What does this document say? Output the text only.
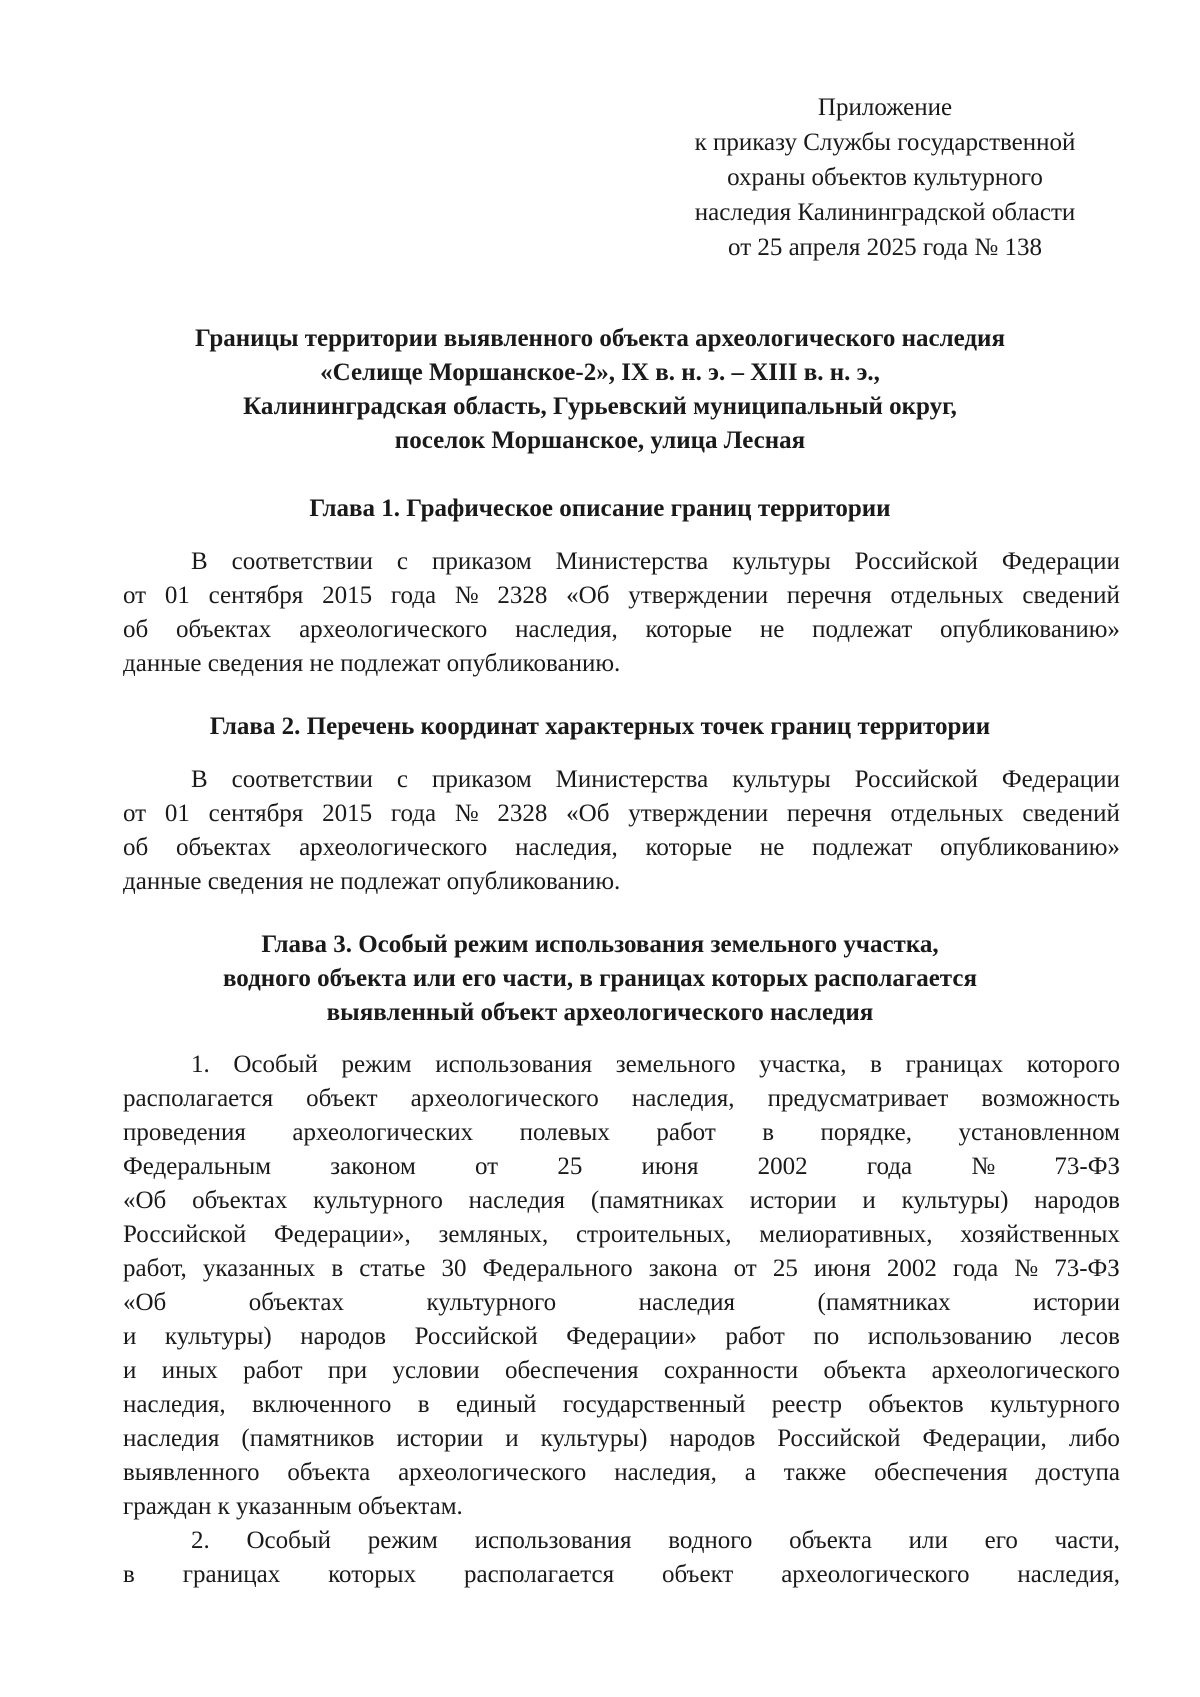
Приложение
к приказу Службы государственной
охраны объектов культурного
наследия Калининградской области
от 25 апреля 2025 года № 138
Границы территории выявленного объекта археологического наследия
«Селище Моршанское-2», IX в. н. э. – XIII в. н. э.,
Калининградская область, Гурьевский муниципальный округ,
поселок Моршанское, улица Лесная
Глава 1. Графическое описание границ территории
В соответствии с приказом Министерства культуры Российской Федерации
от 01 сентября 2015 года № 2328 «Об утверждении перечня отдельных сведений
об объектах археологического наследия, которые не подлежат опубликованию»
данные сведения не подлежат опубликованию.
Глава 2. Перечень координат характерных точек границ территории
В соответствии с приказом Министерства культуры Российской Федерации
от 01 сентября 2015 года № 2328 «Об утверждении перечня отдельных сведений
об объектах археологического наследия, которые не подлежат опубликованию»
данные сведения не подлежат опубликованию.
Глава 3. Особый режим использования земельного участка,
водного объекта или его части, в границах которых располагается
выявленный объект археологического наследия
1. Особый режим использования земельного участка, в границах которого
располагается объект археологического наследия, предусматривает возможность
проведения археологических полевых работ в порядке, установленном
Федеральным законом от 25 июня 2002 года № 73-ФЗ
«Об объектах культурного наследия (памятниках истории и культуры) народов
Российской Федерации», земляных, строительных, мелиоративных, хозяйственных
работ, указанных в статье 30 Федерального закона от 25 июня 2002 года № 73-ФЗ
«Об	объектах	культурного	наследия	(памятниках	истории
и культуры) народов Российской Федерации» работ по использованию лесов
и иных работ при условии обеспечения сохранности объекта археологического
наследия, включенного в единый государственный реестр объектов культурного
наследия (памятников истории и культуры) народов Российской Федерации, либо
выявленного объекта археологического наследия, а также обеспечения доступа
граждан к указанным объектам.
2. Особый режим использования водного объекта или его части,
в границах которых располагается объект археологического наследия,
